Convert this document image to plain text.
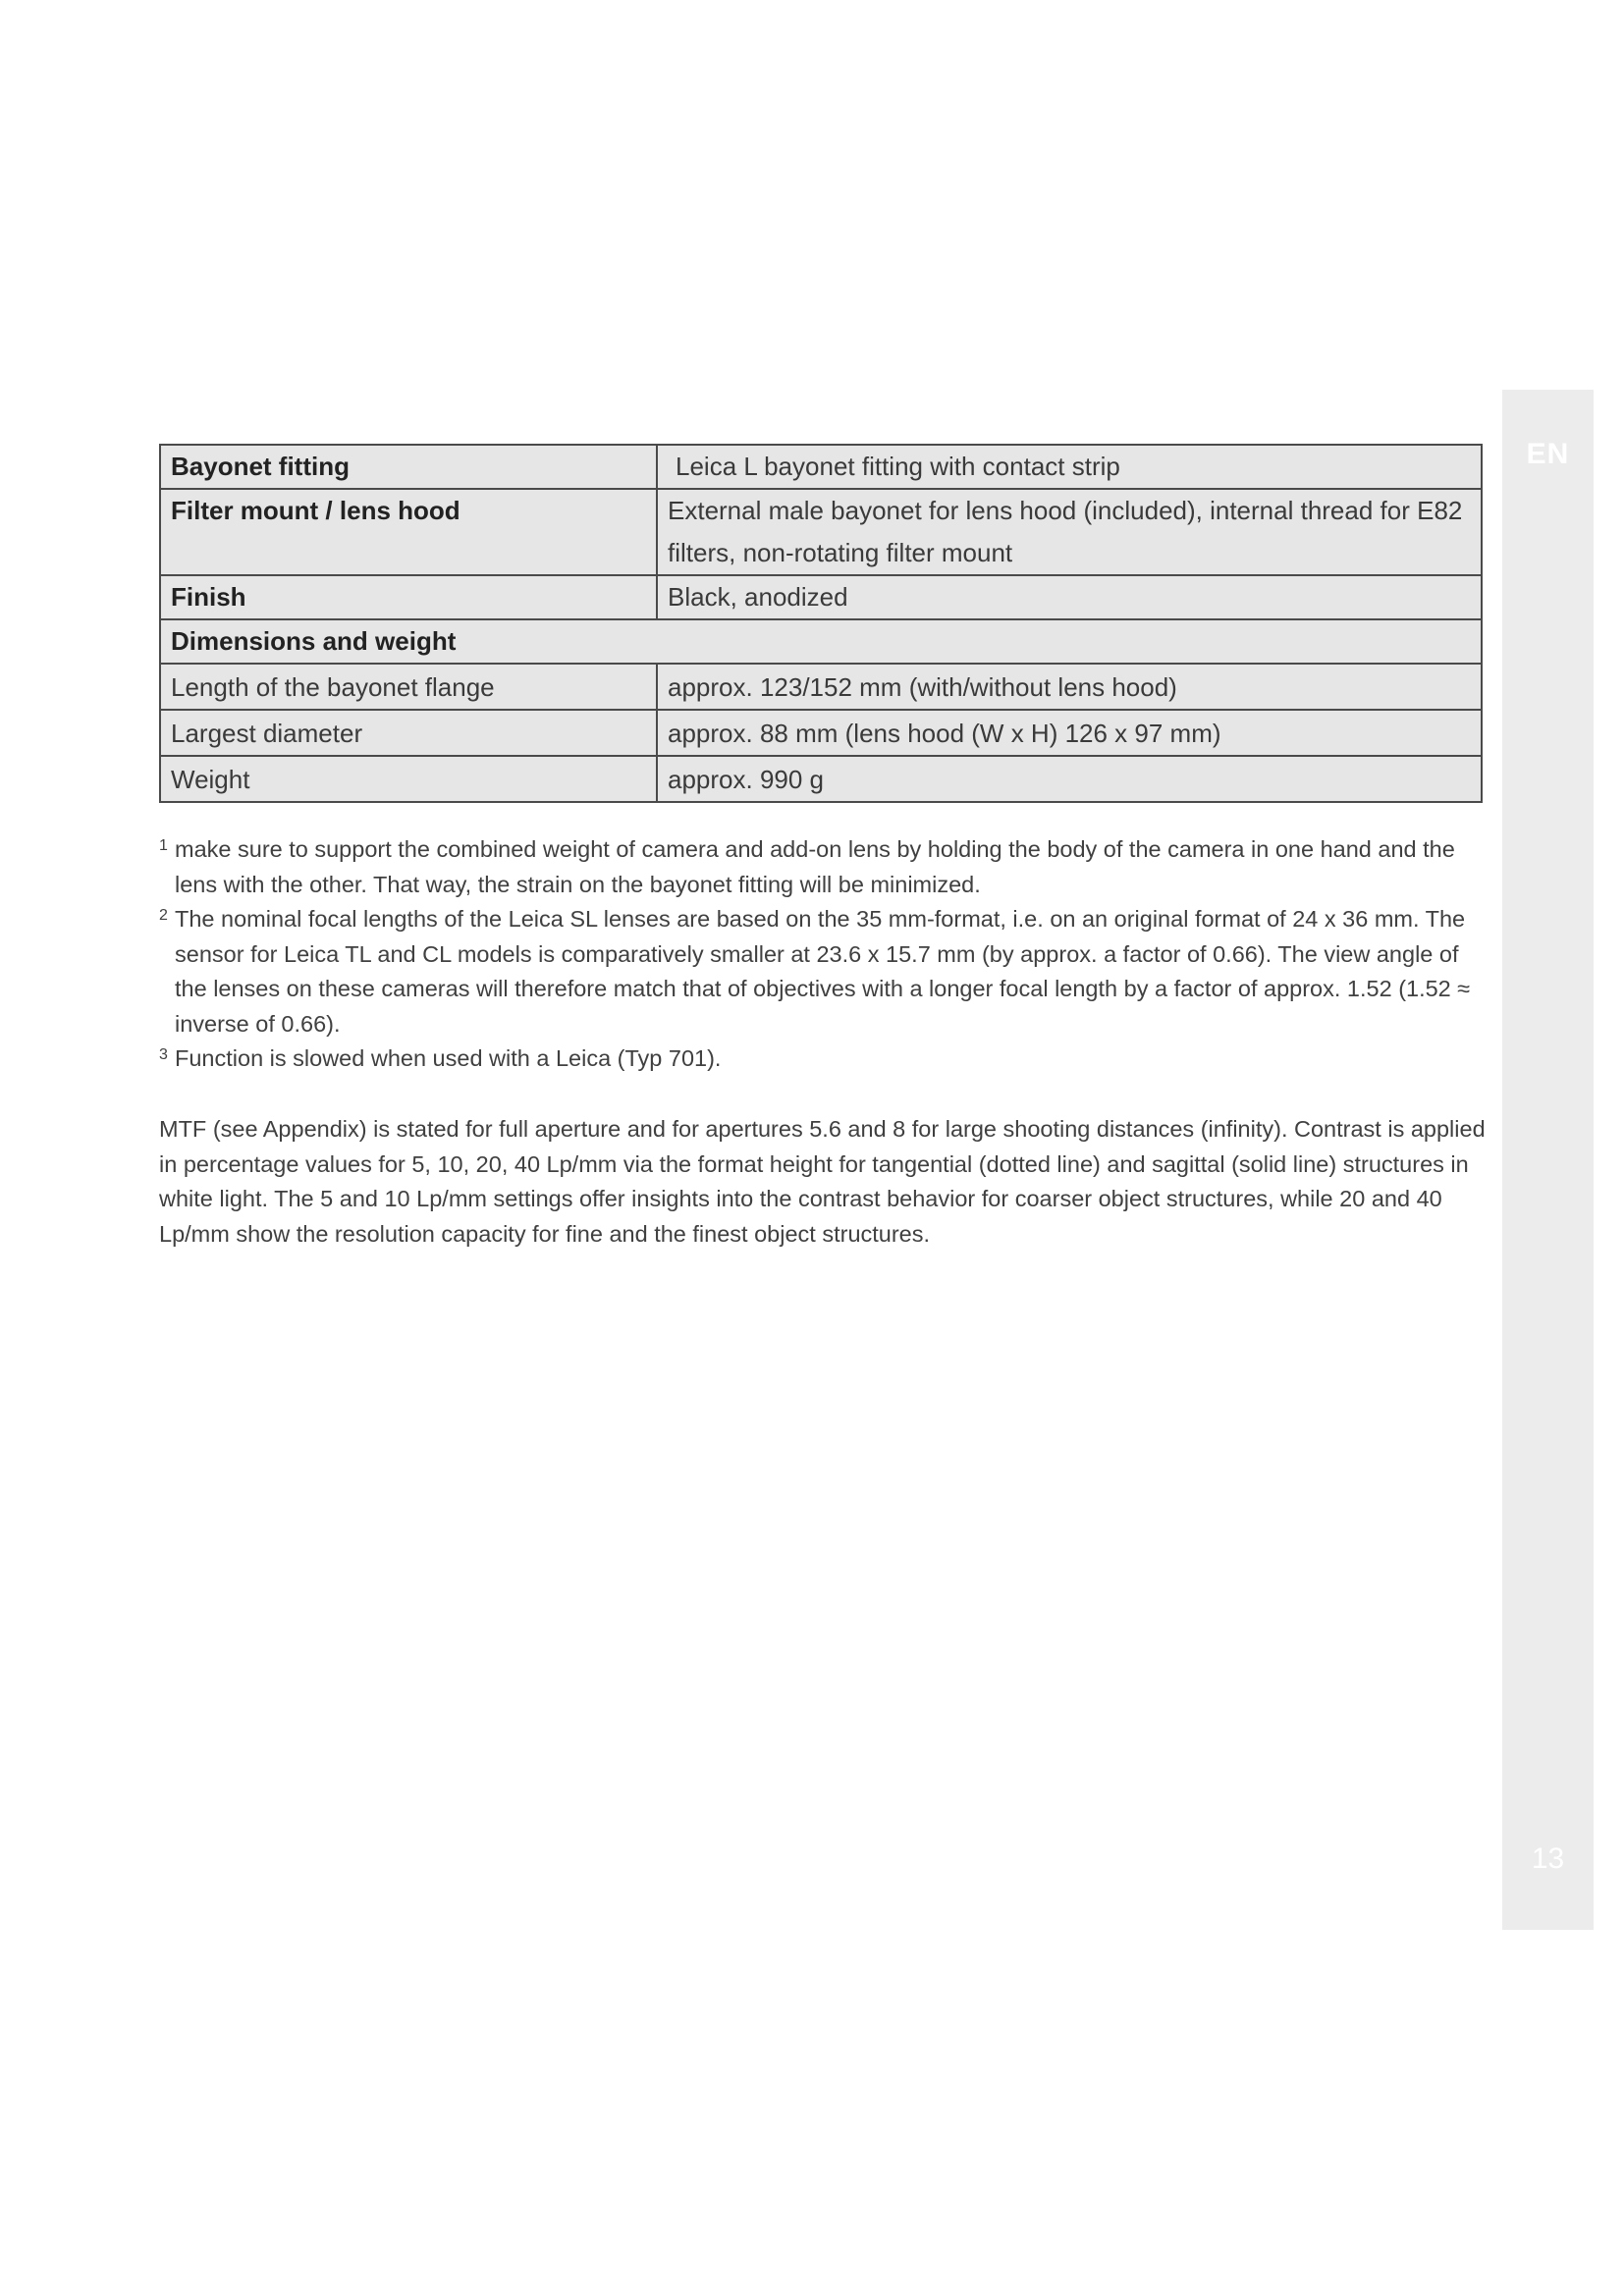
EN
13
Bayonet fitting	Leica L bayonet fitting with contact strip
Filter mount / lens hood	External male bayonet for lens hood (included), internal thread for E82 filters, non-rotating filter mount
Finish	Black, anodized
Dimensions and weight	
Length of the bayonet flange	approx. 123/152 mm (with/without lens hood)
Largest diameter	approx. 88 mm (lens hood (W x H) 126 x 97 mm)
Weight	approx. 990 g
1 make sure to support the combined weight of camera and add-on lens by holding the body of the camera in one hand and the lens with the other. That way, the strain on the bayonet fitting will be minimized.
2 The nominal focal lengths of the Leica SL lenses are based on the 35 mm-format, i.e. on an original format of 24 x 36 mm. The sensor for Leica TL and CL models is comparatively smaller at 23.6 x 15.7 mm (by approx. a factor of 0.66). The view angle of the lenses on these cameras will therefore match that of objectives with a longer focal length by a factor of approx. 1.52 (1.52 ≈ inverse of 0.66).
3 Function is slowed when used with a Leica (Typ 701).
MTF (see Appendix) is stated for full aperture and for apertures 5.6 and 8 for large shooting distances (infinity). Contrast is applied in percentage values for 5, 10, 20, 40 Lp/mm via the format height for tangential (dotted line) and sagittal (solid line) structures in white light. The 5 and 10 Lp/mm settings offer insights into the contrast behavior for coarser object structures, while 20 and 40 Lp/mm show the resolution capacity for fine and the finest object structures.
